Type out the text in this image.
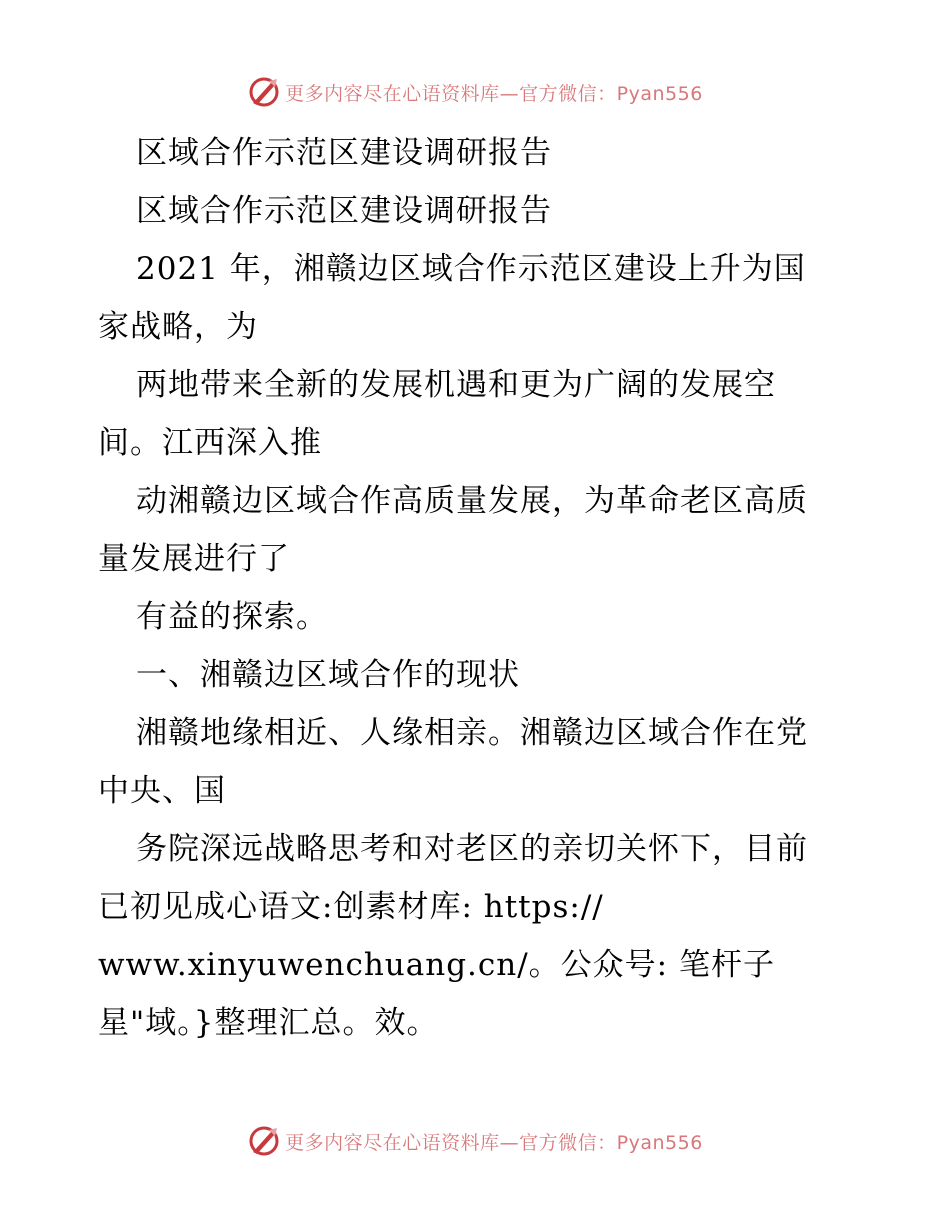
更多内容尽在心语资料库—官方微信：Pyan556
区域合作示范区建设调研报告
区域合作示范区建设调研报告
2021 年，湘赣边区域合作示范区建设上升为国
家战略，为
两地带来全新的发展机遇和更为广阔的发展空
间。江西深入推
动湘赣边区域合作高质量发展，为革命老区高质
量发展进行了
有益的探索。
一、湘赣边区域合作的现状
湘赣地缘相近、人缘相亲。湘赣边区域合作在党
中央、国
务院深远战略思考和对老区的亲切关怀下，目前
已初见成心语文:创素材库: https://
www.xinyuwenchuang.cn/。公众号: 笔杆子
星"域。}整理汇总。效。
更多内容尽在心语资料库—官方微信：Pyan556
